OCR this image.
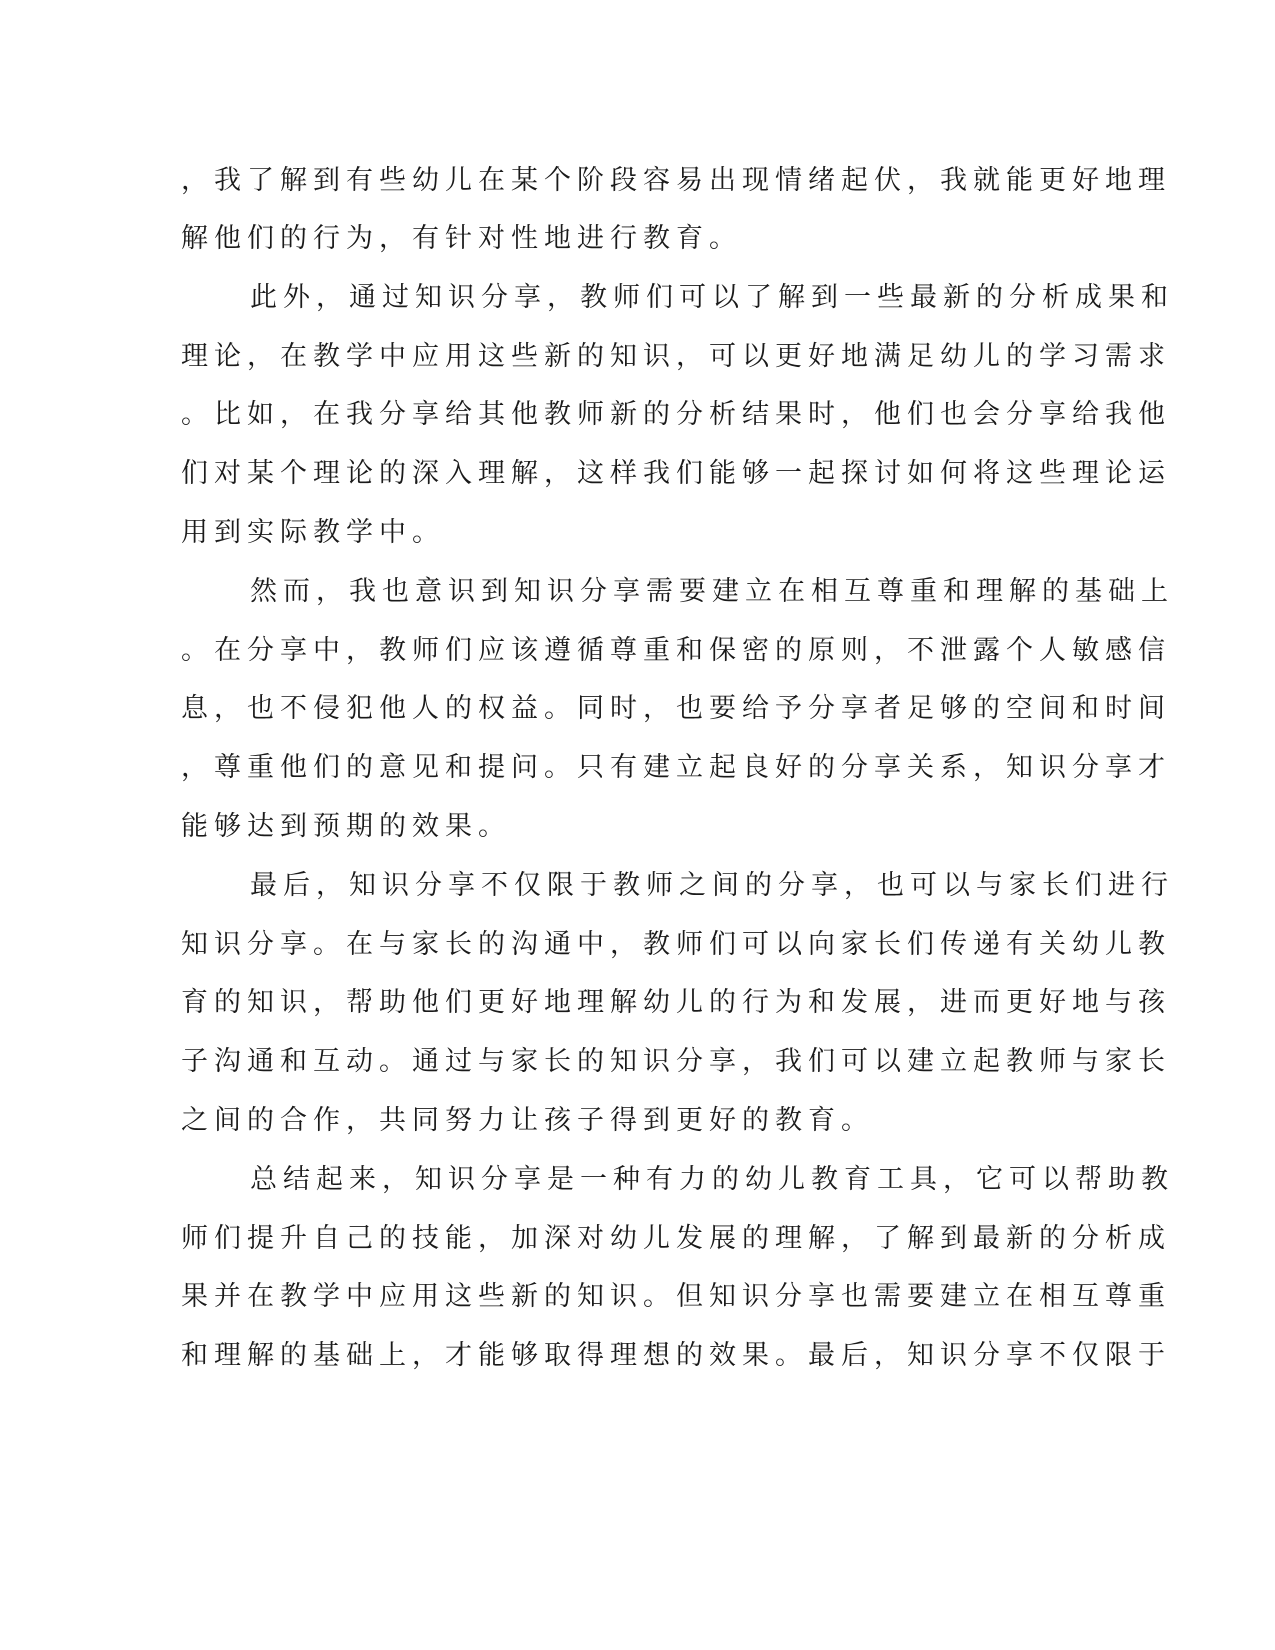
，我了解到有些幼儿在某个阶段容易出现情绪起伏，我就能更好地理
解他们的行为，有针对性地进行教育。
此外，通过知识分享，教师们可以了解到一些最新的分析成果和
理论，在教学中应用这些新的知识，可以更好地满足幼儿的学习需求
。比如，在我分享给其他教师新的分析结果时，他们也会分享给我他
们对某个理论的深入理解，这样我们能够一起探讨如何将这些理论运
用到实际教学中。
然而，我也意识到知识分享需要建立在相互尊重和理解的基础上
。在分享中，教师们应该遵循尊重和保密的原则，不泄露个人敏感信
息，也不侵犯他人的权益。同时，也要给予分享者足够的空间和时间
，尊重他们的意见和提问。只有建立起良好的分享关系，知识分享才
能够达到预期的效果。
最后，知识分享不仅限于教师之间的分享，也可以与家长们进行
知识分享。在与家长的沟通中，教师们可以向家长们传递有关幼儿教
育的知识，帮助他们更好地理解幼儿的行为和发展，进而更好地与孩
子沟通和互动。通过与家长的知识分享，我们可以建立起教师与家长
之间的合作，共同努力让孩子得到更好的教育。
总结起来，知识分享是一种有力的幼儿教育工具，它可以帮助教
师们提升自己的技能，加深对幼儿发展的理解，了解到最新的分析成
果并在教学中应用这些新的知识。但知识分享也需要建立在相互尊重
和理解的基础上，才能够取得理想的效果。最后，知识分享不仅限于
